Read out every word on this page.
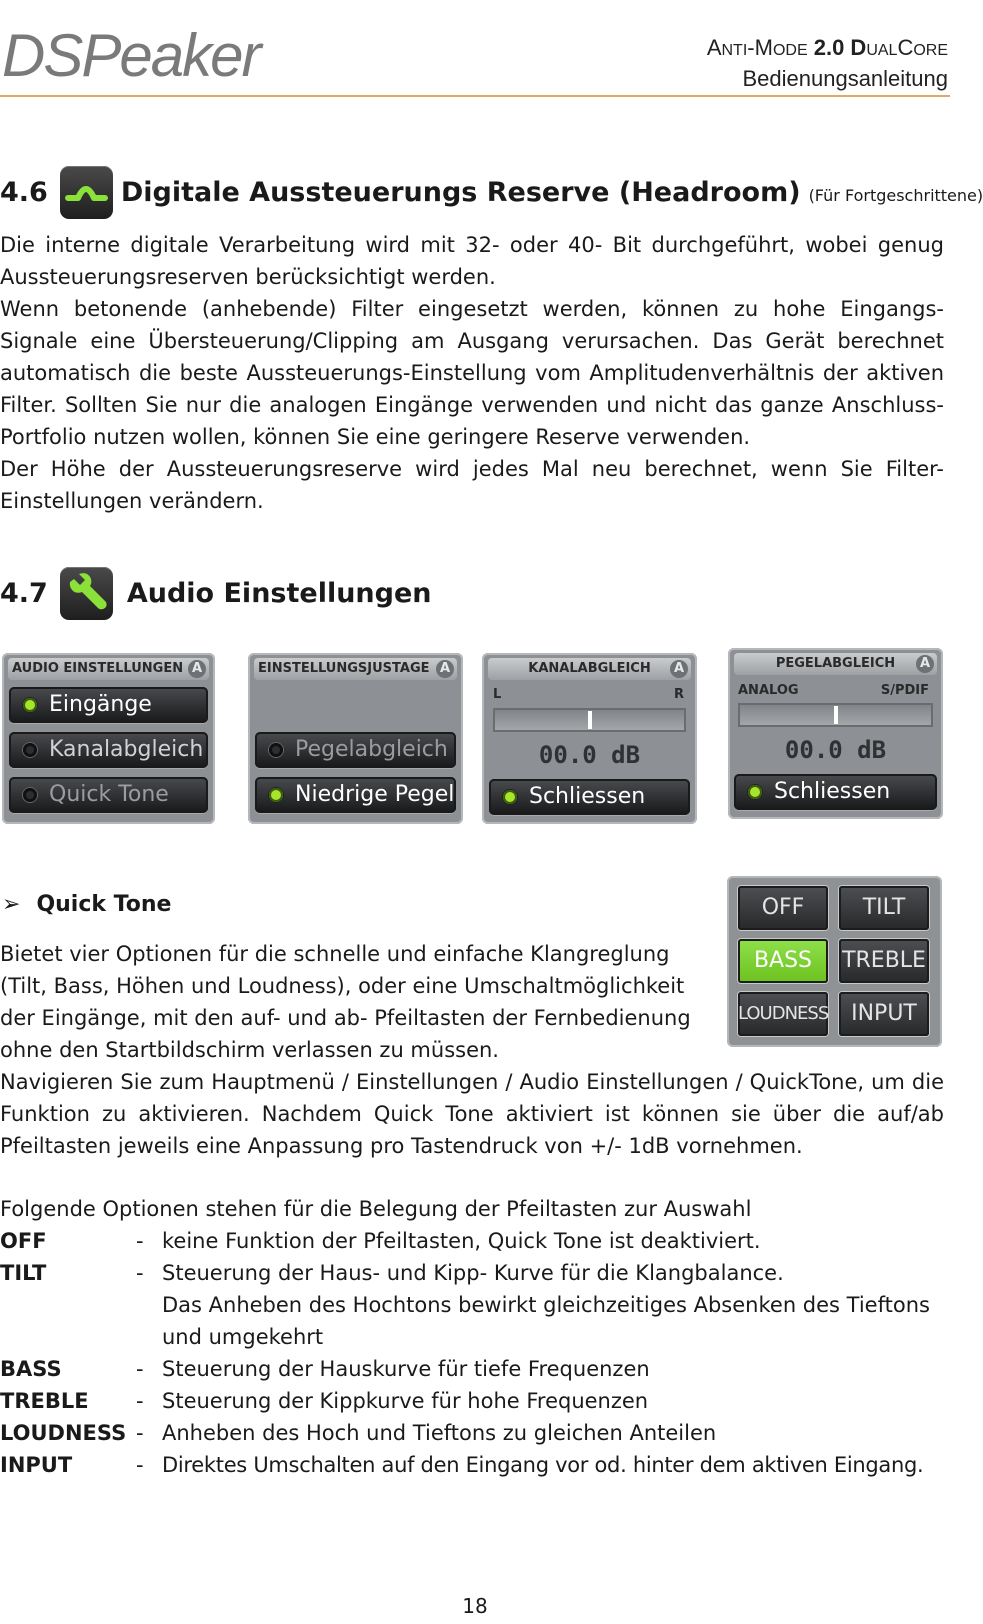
DSPeaker	ANTI-MODE 2.0 DUALCORE
Bedienungsanleitung
4.6	Digitale Aussteuerungs Reserve (Headroom) (Für Fortgeschrittene)

Die interne digitale Verarbeitung wird mit 32- oder 40- Bit durchgeführt, wobei genug Aussteuerungsreserven berücksichtigt werden.

Wenn betonende (anhebende) Filter eingesetzt werden, können zu hohe Eingangs-Signale eine Übersteuerung/Clipping am Ausgang verursachen. Das Gerät berechnet automatisch die beste Aussteuerungs-Einstellung vom Amplitudenverhältnis der aktiven Filter. Sollten Sie nur die analogen Eingänge verwenden und nicht das ganze Anschluss-Portfolio nutzen wollen, können Sie eine geringere Reserve verwenden.

Der Höhe der Aussteuerungsreserve wird jedes Mal neu berechnet, wenn Sie Filter-Einstellungen verändern.

4.7	Audio Einstellungen
AUDIO EINSTELLUNGEN A
Eingänge
Kanalabgleich
Quick Tone
EINSTELLUNGSJUSTAGE A
Pegelabgleich
Niedrige Pegel
KANALABGLEICH	A
L	R
00.0 dB
Schliessen
PEGELABGLEICH	A
ANALOG	S/PDIF
00.0 dB
Schliessen
➢ Quick Tone	OFF	TILT
BASS	TREBLE
LOUDNESS	INPUT
Bietet vier Optionen für die schnelle und einfache Klangreglung
(Tilt, Bass, Höhen und Loudness), oder eine Umschaltmöglichkeit
der Eingänge, mit den auf- und ab- Pfeiltasten der Fernbedienung
ohne den Startbildschirm verlassen zu müssen.

Navigieren Sie zum Hauptmenü / Einstellungen / Audio Einstellungen / QuickTone, um die Funktion zu aktivieren. Nachdem Quick Tone aktiviert ist können sie über die auf/ab Pfeiltasten jeweils eine Anpassung pro Tastendruck von +/- 1dB vornehmen.

Folgende Optionen stehen für die Belegung der Pfeiltasten zur Auswahl
OFF	- keine Funktion der Pfeiltasten, Quick Tone ist deaktiviert.
TILT	- Steuerung der Haus- und Kipp- Kurve für die Klangbalance.
Das Anheben des Hochtons bewirkt gleichzeitiges Absenken des Tieftons
und umgekehrt
BASS	- Steuerung der Hauskurve für tiefe Frequenzen
TREBLE	- Steuerung der Kippkurve für hohe Frequenzen
LOUDNESS - Anheben des Hoch und Tieftons zu gleichen Anteilen
INPUT	- Direktes Umschalten auf den Eingang vor od. hinter dem aktiven Eingang.
18
